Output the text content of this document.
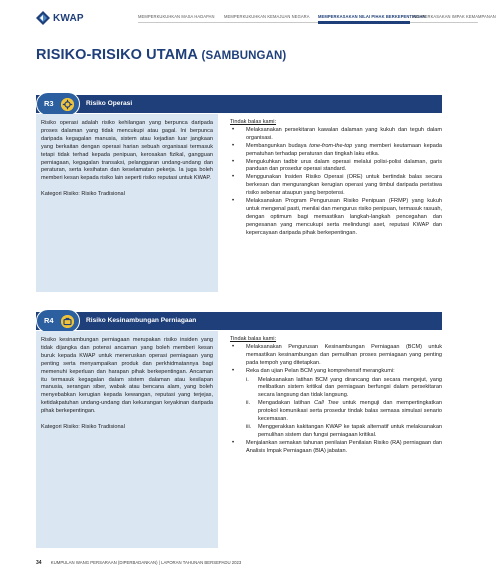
KWAP	MEMPERKUKUHKAN MASA HADAPAN	MEMPERKUKUHKAN KEMAJUAN NEGARA	MEMPERKASAKAN NILAI PIHAK BERKEPENTINGAN
MEMPERKASAKAN IMPAK KEMAMPANAN
RISIKO-RISIKO UTAMA (SAMBUNGAN)
R3	Risiko Operasi

Risiko operasi adalah risiko kehilangan yang berpunca daripada proses dalaman yang tidak mencukupi atau gagal. Ini berpunca daripada kegagalan manusia, sistem atau kejadian luar jangkaan yang berkaitan dengan operasi harian sebuah organisasi termasuk tetapi tidak terhad kepada penipuan, kerosakan fizikal, gangguan perniagaan, kegagalan transaksi, pelanggaran undang-undang dan peraturan, serta kesihatan dan keselamatan pekerja. Ia juga boleh memberi kesan kepada risiko lain seperti risiko reputasi untuk KWAP.

Kategori Risiko: Risiko Tradisional

Tindak balas kami:
• Melaksanakan persekitaran kawalan dalaman yang kukuh dan teguh dalam organisasi.
• Membangunkan budaya tone-from-the-top yang memberi keutamaan kepada pematuhan terhadap peraturan dan tingkah laku etika.
• Mengukuhkan tadbir urus dalam operasi melalui polisi-polisi dalaman, garis panduan dan prosedur operasi standard.
• Menggunakan Insiden Risiko Operasi (ORE) untuk bertindak balas secara berkesan dan mengurangkan kerugian operasi yang timbul daripada peristiwa risiko sebenar ataupun yang berpotensi.
• Melaksanakan Program Pengurusan Risiko Penipuan (FRMP) yang kukuh untuk mengenal pasti, menilai dan mengurus risiko penipuan, termasuk rasuah, dengan optimum bagi memastikan langkah-langkah pencegahan dan pengesanan yang mencukupi serta melindungi aset, reputasi KWAP dan kepercayaan daripada pihak berkepentingan.
R4	Risiko Kesinambungan Perniagaan

Risiko kesinambungan perniagaan merupakan risiko insiden yang tidak dijangka dan potensi ancaman yang boleh memberi kesan buruk kepada KWAP untuk meneruskan operasi perniagaan yang penting serta menyampaikan produk dan perkhidmatannya bagi memenuhi keperluan dan harapan pihak berkepentingan. Ancaman itu termasuk kegagalan dalam sistem dalaman atau kesilapan manusia, serangan siber, wabak atau bencana alam, yang boleh menyebabkan kerugian kepada kewangan, reputasi yang terjejas, ketidakpatuhan undang-undang dan kekurangan keyakinan daripada pihak berkepentingan.

Kategori Risiko: Risiko Tradisional

Tindak balas kami:
• Melaksanakan Pengurusan Kesinambungan Perniagaan (BCM) untuk memastikan kesinambungan dan pemulihan proses perniagaan yang penting pada tempoh yang ditetapkan.
• Reka dan ujian Pelan BCM yang komprehensif merangkumi:
i. Melaksanakan latihan BCM yang dirancang dan secara mengejut, yang melibatkan sistem kritikal dan perniagaan berfungsi dalam persekitaran secara langsung dan tidak langsung.
ii. Mengadakan latihan Call Tree untuk menguji dan mempertingkatkan protokol komunikasi serta prosedur tindak balas semasa simulasi senario kecemasan.
iii. Menggerakkan kakitangan KWAP ke tapak alternatif untuk melaksanakan pemulihan sistem dan fungsi perniagaan kritikal.
• Menjalankan semakan tahunan penilaian Penilaian Risiko (RA) perniagaan dan Analisis Impak Perniagaan (BIA) jabatan.
34 KUMPULAN WANG PERSARAAN (DIPERBADANKAN) | LAPORAN TAHUNAN BERSEPADU 2023
